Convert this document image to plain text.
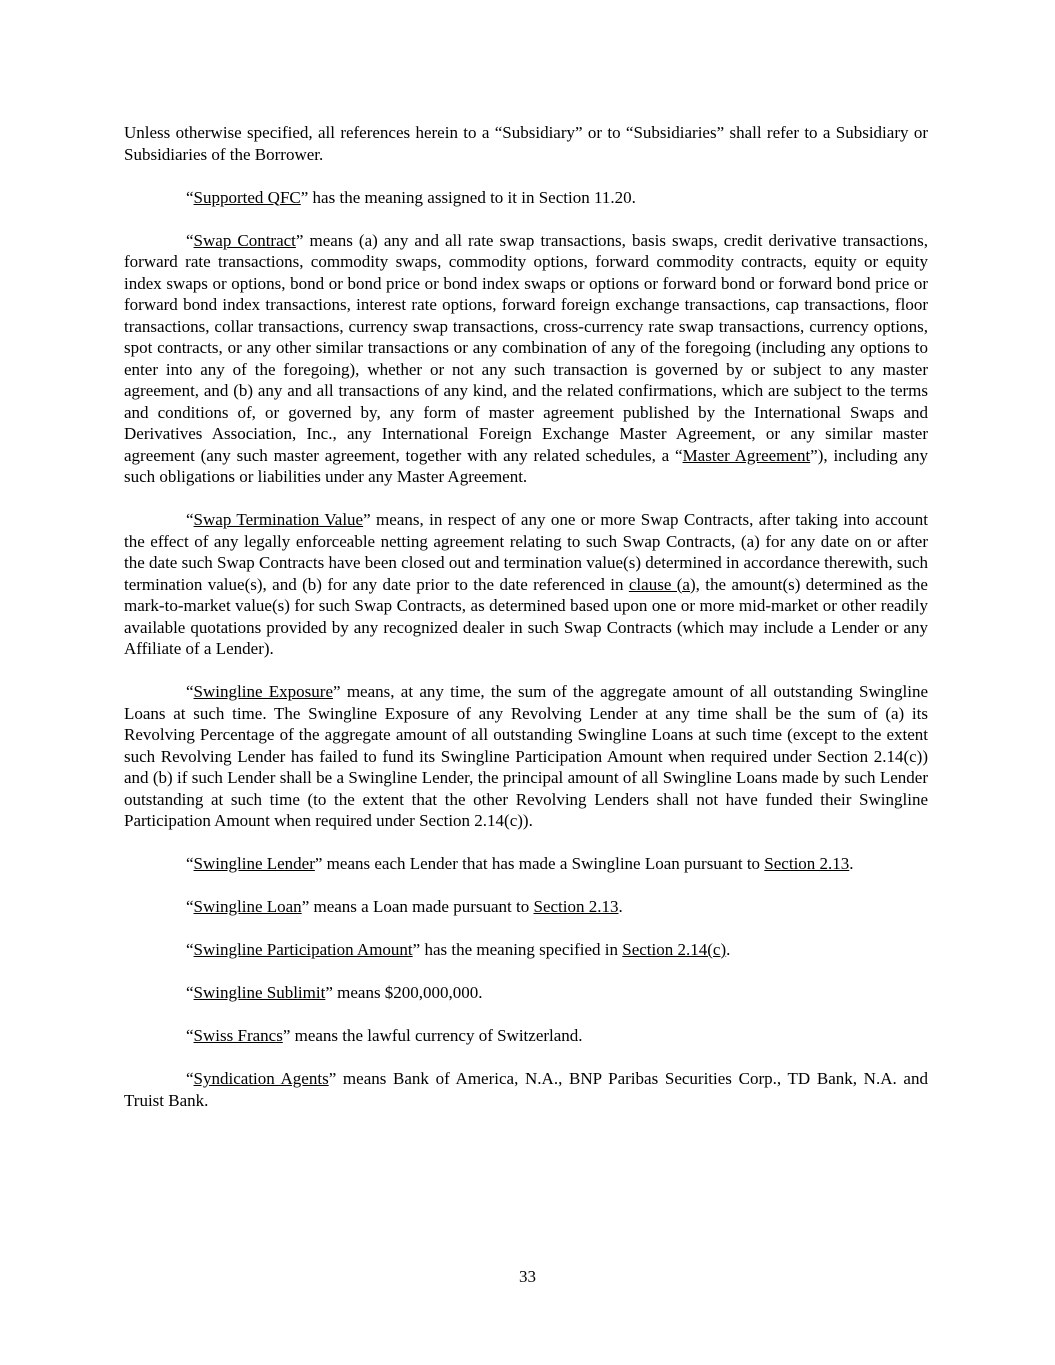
Unless otherwise specified, all references herein to a “Subsidiary” or to “Subsidiaries” shall refer to a Subsidiary or Subsidiaries of the Borrower.

“Supported QFC” has the meaning assigned to it in Section 11.20.

“Swap Contract” means (a) any and all rate swap transactions, basis swaps, credit derivative transactions, forward rate transactions, commodity swaps, commodity options, forward commodity contracts, equity or equity index swaps or options, bond or bond price or bond index swaps or options or forward bond or forward bond price or forward bond index transactions, interest rate options, forward foreign exchange transactions, cap transactions, floor transactions, collar transactions, currency swap transactions, cross-currency rate swap transactions, currency options, spot contracts, or any other similar transactions or any combination of any of the foregoing (including any options to enter into any of the foregoing), whether or not any such transaction is governed by or subject to any master agreement, and (b) any and all transactions of any kind, and the related confirmations, which are subject to the terms and conditions of, or governed by, any form of master agreement published by the International Swaps and Derivatives Association, Inc., any International Foreign Exchange Master Agreement, or any similar master agreement (any such master agreement, together with any related schedules, a “Master Agreement”), including any such obligations or liabilities under any Master Agreement.

“Swap Termination Value” means, in respect of any one or more Swap Contracts, after taking into account the effect of any legally enforceable netting agreement relating to such Swap Contracts, (a) for any date on or after the date such Swap Contracts have been closed out and termination value(s) determined in accordance therewith, such termination value(s), and (b) for any date prior to the date referenced in clause (a), the amount(s) determined as the mark-to-market value(s) for such Swap Contracts, as determined based upon one or more mid-market or other readily available quotations provided by any recognized dealer in such Swap Contracts (which may include a Lender or any Affiliate of a Lender).

“Swingline Exposure” means, at any time, the sum of the aggregate amount of all outstanding Swingline Loans at such time. The Swingline Exposure of any Revolving Lender at any time shall be the sum of (a) its Revolving Percentage of the aggregate amount of all outstanding Swingline Loans at such time (except to the extent such Revolving Lender has failed to fund its Swingline Participation Amount when required under Section 2.14(c)) and (b) if such Lender shall be a Swingline Lender, the principal amount of all Swingline Loans made by such Lender outstanding at such time (to the extent that the other Revolving Lenders shall not have funded their Swingline Participation Amount when required under Section 2.14(c)).

“Swingline Lender” means each Lender that has made a Swingline Loan pursuant to Section 2.13.

“Swingline Loan” means a Loan made pursuant to Section 2.13.

“Swingline Participation Amount” has the meaning specified in Section 2.14(c).

“Swingline Sublimit” means $200,000,000.

“Swiss Francs” means the lawful currency of Switzerland.

“Syndication Agents” means Bank of America, N.A., BNP Paribas Securities Corp., TD Bank, N.A. and Truist Bank.

33
